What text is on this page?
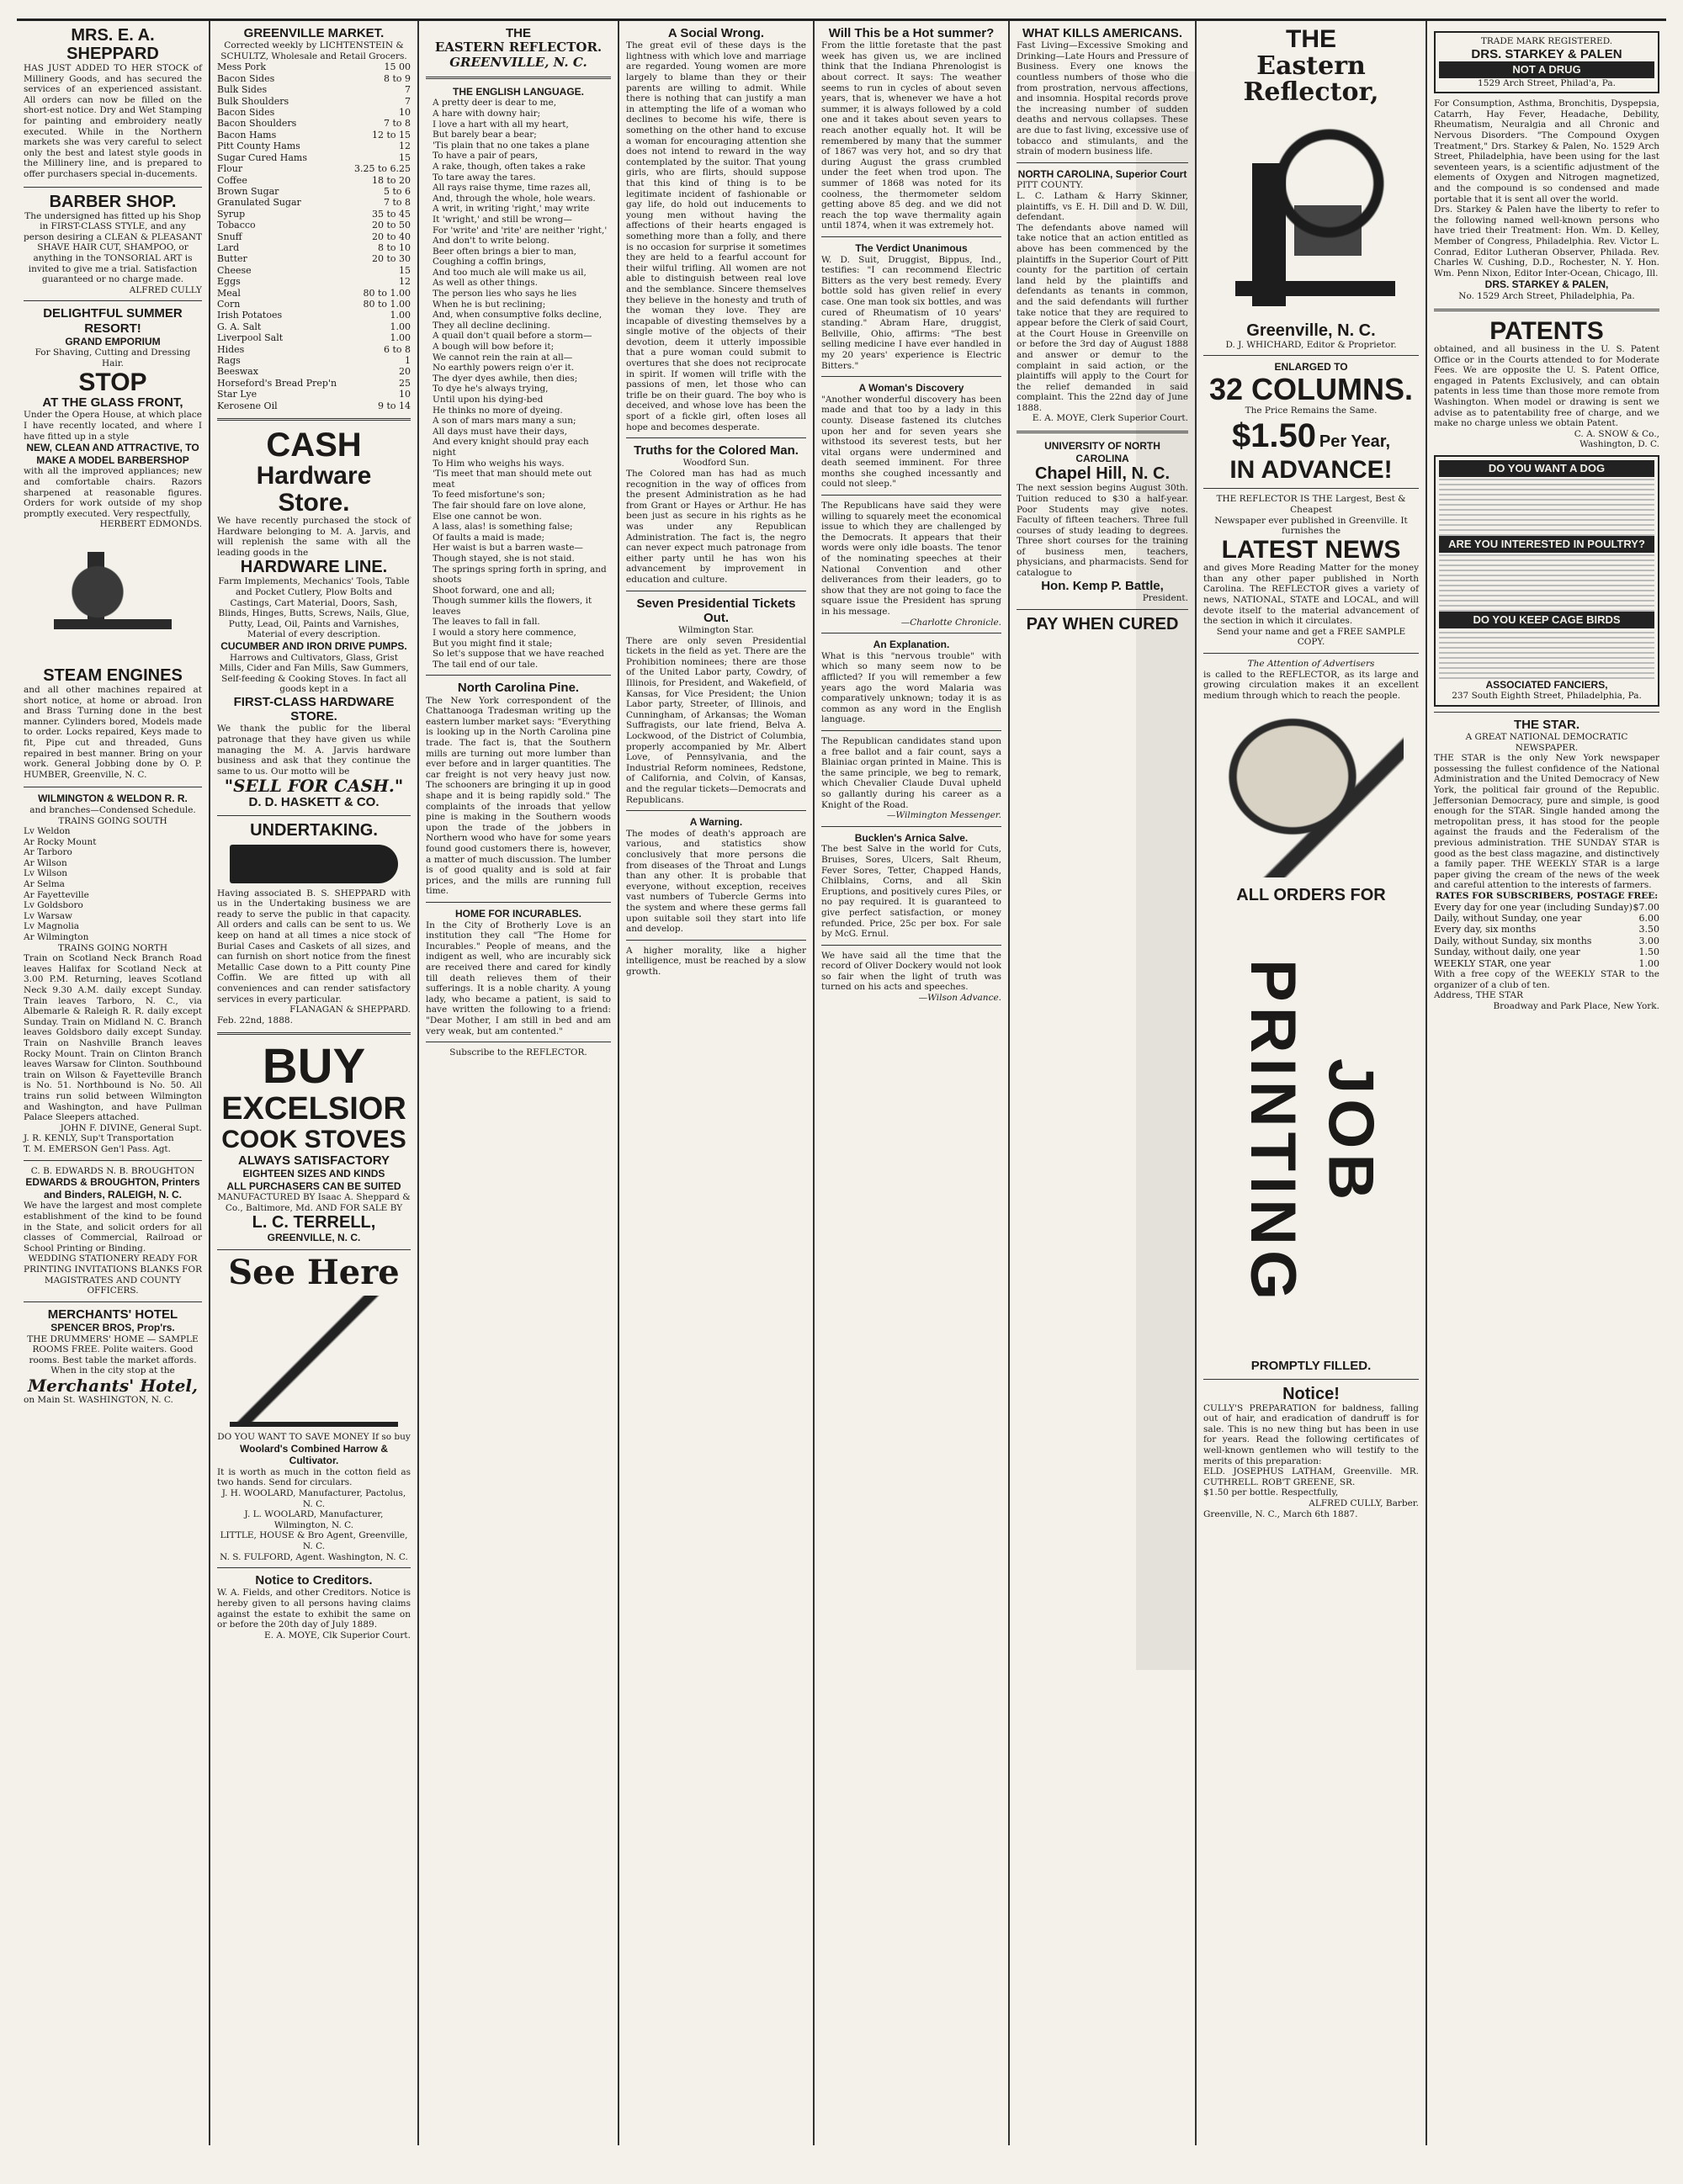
MRS. E. A. SHEPPARD
HAS JUST ADDED TO HER STOCK of Millinery Goods, and has secured the services of an experienced assistant. All orders can now be filled on the short-est notice. Dry and Wet Stamping for painting and embroidery neatly executed. While in the Northern markets she was very careful to select only the best and latest style goods in the Millinery line, and is prepared to offer purchasers special in-ducements.
BARBER SHOP.
The undersigned has fitted up his Shop in FIRST-CLASS STYLE, and any person desiring a CLEAN & PLEASANT SHAVE HAIR CUT, SHAMPOO, or anything in the TONSORIAL ART is invited to give me a trial. Satisfaction guaranteed or no charge made.
ALFRED CULLY
DELIGHTFUL SUMMER RESORT!
GRAND EMPORIUM
For Shaving, Cutting and Dressing Hair.
STOP
AT THE GLASS FRONT,
Under the Opera House, at which place I have recently located, and where I have fitted up in a style
NEW, CLEAN AND ATTRACTIVE, TO MAKE A MODEL BARBERSHOP
with all the improved appliances; new and comfortable chairs. Razors sharpened at reasonable figures. Orders for work outside of my shop promptly executed. Very respectfully,
HERBERT EDMONDS.
STEAM ENGINES
and all other machines repaired at short notice, at home or abroad. Iron and Brass Turning done in the best manner. Cylinders bored, Models made to order. Locks repaired, Keys made to fit, Pipe cut and threaded, Guns repaired in best manner. Bring on your work. General Jobbing done by O. P. HUMBER, Greenville, N. C.
WILMINGTON & WELDON R. R.
and branches—Condensed Schedule.
TRAINS GOING SOUTH
Lv Weldon
Ar Rocky Mount
Ar Tarboro
Ar Wilson
Lv Wilson
Ar Selma
Ar Fayetteville
Lv Goldsboro
Lv Warsaw
Lv Magnolia
Ar Wilmington
TRAINS GOING NORTH
Train on Scotland Neck Branch Road leaves Halifax for Scotland Neck at 3.00 P.M. Returning, leaves Scotland Neck 9.30 A.M. daily except Sunday. Train leaves Tarboro, N. C., via Albemarle & Raleigh R. R. daily except Sunday. Train on Midland N. C. Branch leaves Goldsboro daily except Sunday. Train on Nashville Branch leaves Rocky Mount. Train on Clinton Branch leaves Warsaw for Clinton. Southbound train on Wilson & Fayetteville Branch is No. 51. Northbound is No. 50. All trains run solid between Wilmington and Washington, and have Pullman Palace Sleepers attached.
JOHN F. DIVINE, General Supt.
J. R. KENLY, Sup't Transportation
T. M. EMERSON Gen'l Pass. Agt.
C. B. EDWARDS N. B. BROUGHTON
EDWARDS & BROUGHTON, Printers and Binders, RALEIGH, N. C.
We have the largest and most complete establishment of the kind to be found in the State, and solicit orders for all classes of Commercial, Railroad or School Printing or Binding.
WEDDING STATIONERY READY FOR PRINTING INVITATIONS BLANKS FOR MAGISTRATES AND COUNTY OFFICERS.
MERCHANTS' HOTEL
SPENCER BROS, Prop'rs.
THE DRUMMERS' HOME — SAMPLE ROOMS FREE. Polite waiters. Good rooms. Best table the market affords. When in the city stop at the
Merchants' Hotel,
on Main St. WASHINGTON, N. C.
GREENVILLE MARKET.
Corrected weekly by LICHTENSTEIN & SCHULTZ, Wholesale and Retail Grocers.
Mess Pork	15 00
Bacon Sides	8 to 9
Bulk Sides	7
Bulk Shoulders	7
Bacon Sides	10
Bacon Shoulders	7 to 8
Bacon Hams	12 to 15
Pitt County Hams	12
Sugar Cured Hams	15
Flour	3.25 to 6.25
Coffee	18 to 20
Brown Sugar	5 to 6
Granulated Sugar	7 to 8
Syrup	35 to 45
Tobacco	20 to 50
Snuff	20 to 40
Lard	8 to 10
Butter	20 to 30
Cheese	15
Eggs	12
Meal	80 to 1.00
Corn	80 to 1.00
Irish Potatoes	1.00
G. A. Salt	1.00
Liverpool Salt	1.00
Hides	6 to 8
Rags	1
Beeswax	20
Horseford's Bread Prep'n	25
Star Lye	10
Kerosene Oil	9 to 14
CASH
Hardware Store.
We have recently purchased the stock of Hardware belonging to M. A. Jarvis, and will replenish the same with all the leading goods in the
HARDWARE LINE.
Farm Implements, Mechanics' Tools, Table and Pocket Cutlery, Plow Bolts and Castings, Cart Material, Doors, Sash, Blinds, Hinges, Butts, Screws, Nails, Glue, Putty, Lead, Oil, Paints and Varnishes, Material of every description.
CUCUMBER AND IRON DRIVE PUMPS.
Harrows and Cultivators, Glass, Grist Mills, Cider and Fan Mills, Saw Gummers, Self-feeding & Cooking Stoves. In fact all goods kept in a
FIRST-CLASS HARDWARE STORE.
We thank the public for the liberal patronage that they have given us while managing the M. A. Jarvis hardware business and ask that they continue the same to us. Our motto will be
"SELL FOR CASH."
D. D. HASKETT & CO.
UNDERTAKING.
Having associated B. S. SHEPPARD with us in the Undertaking business we are ready to serve the public in that capacity. All orders and calls can be sent to us. We keep on hand at all times a nice stock of Burial Cases and Caskets of all sizes, and can furnish on short notice from the finest Metallic Case down to a Pitt county Pine Coffin. We are fitted up with all conveniences and can render satisfactory services in every particular.
FLANAGAN & SHEPPARD.
Feb. 22nd, 1888.
BUY
EXCELSIOR
COOK STOVES
ALWAYS SATISFACTORY
EIGHTEEN SIZES AND KINDS
ALL PURCHASERS CAN BE SUITED
MANUFACTURED BY Isaac A. Sheppard & Co., Baltimore, Md. AND FOR SALE BY
L. C. TERRELL,
GREENVILLE, N. C.
See Here
DO YOU WANT TO SAVE MONEY If so buy
Woolard's Combined Harrow & Cultivator.
It is worth as much in the cotton field as two hands. Send for circulars.
J. H. WOOLARD, Manufacturer, Pactolus, N. C.
J. L. WOOLARD, Manufacturer, Wilmington, N. C.
LITTLE, HOUSE & Bro Agent, Greenville, N. C.
N. S. FULFORD, Agent. Washington, N. C.
Notice to Creditors.
W. A. Fields, and other Creditors. Notice is hereby given to all persons having claims against the estate to exhibit the same on or before the 20th day of July 1889.
E. A. MOYE, Clk Superior Court.
THE
EASTERN REFLECTOR.
GREENVILLE, N. C.
THE ENGLISH LANGUAGE.
A pretty deer is dear to me,
A hare with downy hair;
I love a hart with all my heart,
But barely bear a bear;
'Tis plain that no one takes a plane
To have a pair of pears,
A rake, though, often takes a rake
To tare away the tares.
All rays raise thyme, time razes all,
And, through the whole, hole wears.
A writ, in writing 'right,' may write
It 'wright,' and still be wrong—
For 'write' and 'rite' are neither 'right,'
And don't to write belong.
Beer often brings a bier to man,
Coughing a coffin brings,
And too much ale will make us ail,
As well as other things.
The person lies who says he lies
When he is but reclining;
And, when consumptive folks decline,
They all decline declining.
A quail don't quail before a storm—
A bough will bow before it;
We cannot rein the rain at all—
No earthly powers reign o'er it.
The dyer dyes awhile, then dies;
To dye he's always trying,
Until upon his dying-bed
He thinks no more of dyeing.
A son of mars mars many a sun;
All days must have their days,
And every knight should pray each night
To Him who weighs his ways.
'Tis meet that man should mete out meat
To feed misfortune's son;
The fair should fare on love alone,
Else one cannot be won.
A lass, alas! is something false;
Of faults a maid is made;
Her waist is but a barren waste—
Though stayed, she is not staid.
The springs spring forth in spring, and shoots
Shoot forward, one and all;
Though summer kills the flowers, it leaves
The leaves to fall in fall.
I would a story here commence,
But you might find it stale;
So let's suppose that we have reached
The tail end of our tale.
North Carolina Pine.
The New York correspondent of the Chattanooga Tradesman writing up the eastern lumber market says: "Everything is looking up in the North Carolina pine trade. The fact is, that the Southern mills are turning out more lumber than ever before and in larger quantities. The car freight is not very heavy just now. The schooners are bringing it up in good shape and it is being rapidly sold." The complaints of the inroads that yellow pine is making in the Southern woods upon the trade of the jobbers in Northern wood who have for some years found good customers there is, however, a matter of much discussion. The lumber is of good quality and is sold at fair prices, and the mills are running full time.
HOME FOR INCURABLES.
In the City of Brotherly Love is an institution they call "The Home for Incurables." People of means, and the indigent as well, who are incurably sick are received there and cared for kindly till death relieves them of their sufferings. It is a noble charity. A young lady, who became a patient, is said to have written the following to a friend: "Dear Mother, I am still in bed and am very weak, but am contented."
Subscribe to the REFLECTOR.
A Social Wrong.
The great evil of these days is the lightness with which love and marriage are regarded. Young women are more largely to blame than they or their parents are willing to admit. While there is nothing that can justify a man in attempting the life of a woman who declines to become his wife, there is something on the other hand to excuse a woman for encouraging attention she does not intend to reward in the way contemplated by the suitor. That young girls, who are flirts, should suppose that this kind of thing is to be legitimate incident of fashionable or gay life, do hold out inducements to young men without having the affections of their hearts engaged is something more than a folly, and there is no occasion for surprise it sometimes they are held to a fearful account for their wilful trifling. All women are not able to distinguish between real love and the semblance. Sincere themselves they believe in the honesty and truth of the woman they love. They are incapable of divesting themselves by a single motive of the objects of their devotion, deem it utterly impossible that a pure woman could submit to overtures that she does not reciprocate in spirit. If women will trifle with the passions of men, let those who can trifle be on their guard. The boy who is deceived, and whose love has been the sport of a fickle girl, often loses all hope and becomes desperate.
Truths for the Colored Man.
Woodford Sun.
The Colored man has had as much recognition in the way of offices from the present Administration as he had from Grant or Hayes or Arthur. He has been just as secure in his rights as he was under any Republican Administration. The fact is, the negro can never expect much patronage from either party until he has won his advancement by improvement in education and culture.
Seven Presidential Tickets Out.
Wilmington Star.
There are only seven Presidential tickets in the field as yet. There are the Prohibition nominees; there are those of the United Labor party, Cowdry, of Illinois, for President, and Wakefield, of Kansas, for Vice President; the Union Labor party, Streeter, of Illinois, and Cunningham, of Arkansas; the Woman Suffragists, our late friend, Belva A. Lockwood, of the District of Columbia, properly accompanied by Mr. Albert Love, of Pennsylvania, and the Industrial Reform nominees, Redstone, of California, and Colvin, of Kansas, and the regular tickets—Democrats and Republicans.
A Warning.
The modes of death's approach are various, and statistics show conclusively that more persons die from diseases of the Throat and Lungs than any other. It is probable that everyone, without exception, receives vast numbers of Tubercle Germs into the system and where these germs fall upon suitable soil they start into life and develop.
A higher morality, like a higher intelligence, must be reached by a slow growth.
Will This be a Hot summer?
From the little foretaste that the past week has given us, we are inclined think that the Indiana Phrenologist is about correct. It says: The weather seems to run in cycles of about seven years, that is, whenever we have a hot summer, it is always followed by a cold one and it takes about seven years to reach another equally hot. It will be remembered by many that the summer of 1867 was very hot, and so dry that during August the grass crumbled under the feet when trod upon. The summer of 1868 was noted for its coolness, the thermometer seldom getting above 85 deg. and we did not reach the top wave thermality again until 1874, when it was extremely hot.
The Verdict Unanimous
W. D. Suit, Druggist, Bippus, Ind., testifies: "I can recommend Electric Bitters as the very best remedy. Every bottle sold has given relief in every case. One man took six bottles, and was cured of Rheumatism of 10 years' standing." Abram Hare, druggist, Bellville, Ohio, affirms: "The best selling medicine I have ever handled in my 20 years' experience is Electric Bitters."
A Woman's Discovery
"Another wonderful discovery has been made and that too by a lady in this county. Disease fastened its clutches upon her and for seven years she withstood its severest tests, but her vital organs were undermined and death seemed imminent. For three months she coughed incessantly and could not sleep."
The Republicans have said they were willing to squarely meet the economical issue to which they are challenged by the Democrats. It appears that their words were only idle boasts. The tenor of the nominating speeches at their National Convention and other deliverances from their leaders, go to show that they are not going to face the square issue the President has sprung in his message.
—Charlotte Chronicle.
An Explanation.
What is this "nervous trouble" with which so many seem now to be afflicted? If you will remember a few years ago the word Malaria was comparatively unknown; today it is as common as any word in the English language.
The Republican candidates stand upon a free ballot and a fair count, says a Blainiac organ printed in Maine. This is the same principle, we beg to remark, which Chevalier Claude Duval upheld so gallantly during his career as a Knight of the Road.
—Wilmington Messenger.
Bucklen's Arnica Salve.
The best Salve in the world for Cuts, Bruises, Sores, Ulcers, Salt Rheum, Fever Sores, Tetter, Chapped Hands, Chilblains, Corns, and all Skin Eruptions, and positively cures Piles, or no pay required. It is guaranteed to give perfect satisfaction, or money refunded. Price, 25c per box. For sale by McG. Ernul.
We have said all the time that the record of Oliver Dockery would not look so fair when the light of truth was turned on his acts and speeches.
—Wilson Advance.
WHAT KILLS AMERICANS.
Fast Living—Excessive Smoking and Drinking—Late Hours and Pressure of Business. Every one knows the countless numbers of those who die from prostration, nervous affections, and insomnia. Hospital records prove the increasing number of sudden deaths and nervous collapses. These are due to fast living, excessive use of tobacco and stimulants, and the strain of modern business life.
NORTH CAROLINA, Superior Court
PITT COUNTY.
L. C. Latham & Harry Skinner, plaintiffs, vs E. H. Dill and D. W. Dill, defendant.
The defendants above named will take notice that an action entitled as above has been commenced by the plaintiffs in the Superior Court of Pitt county for the partition of certain land held by the plaintiffs and defendants as tenants in common, and the said defendants will further take notice that they are required to appear before the Clerk of said Court, at the Court House in Greenville on or before the 3rd day of August 1888 and answer or demur to the complaint in said action, or the plaintiffs will apply to the Court for the relief demanded in said complaint. This the 22nd day of June 1888.
E. A. MOYE, Clerk Superior Court.
UNIVERSITY OF NORTH CAROLINA
Chapel Hill, N. C.
The next session begins August 30th. Tuition reduced to $30 a half-year. Poor Students may give notes. Faculty of fifteen teachers. Three full courses of study leading to degrees. Three short courses for the training of business men, teachers, physicians, and pharmacists. Send for catalogue to
Hon. Kemp P. Battle,
President.
PAY WHEN CURED
THE
Eastern Reflector,
Greenville, N. C.
D. J. WHICHARD, Editor & Proprietor.
ENLARGED TO
32 COLUMNS.
The Price Remains the Same.
$1.50 Per Year,
IN ADVANCE!
THE REFLECTOR IS THE Largest, Best & Cheapest
Newspaper ever published in Greenville. It furnishes the
LATEST NEWS
and gives More Reading Matter for the money than any other paper published in North Carolina. The REFLECTOR gives a variety of news, NATIONAL, STATE and LOCAL, and will devote itself to the material advancement of the section in which it circulates.
Send your name and get a FREE SAMPLE COPY.
The Attention of Advertisers
is called to the REFLECTOR, as its large and growing circulation makes it an excellent medium through which to reach the people.
ALL ORDERS FOR
JOB PRINTING
PROMPTLY FILLED.
Notice!
CULLY'S PREPARATION for baldness, falling out of hair, and eradication of dandruff is for sale. This is no new thing but has been in use for years. Read the following certificates of well-known gentlemen who will testify to the merits of this preparation:
ELD. JOSEPHUS LATHAM, Greenville. MR. CUTHRELL. ROB'T GREENE, SR.
$1.50 per bottle. Respectfully,
ALFRED CULLY, Barber.
Greenville, N. C., March 6th 1887.
TRADE MARK REGISTERED.
DRS. STARKEY & PALEN
NOT A DRUG
1529 Arch Street, Philad'a, Pa.
For Consumption, Asthma, Bronchitis, Dyspepsia, Catarrh, Hay Fever, Headache, Debility, Rheumatism, Neuralgia and all Chronic and Nervous Disorders. "The Compound Oxygen Treatment," Drs. Starkey & Palen, No. 1529 Arch Street, Philadelphia, have been using for the last seventeen years, is a scientific adjustment of the elements of Oxygen and Nitrogen magnetized, and the compound is so condensed and made portable that it is sent all over the world.
Drs. Starkey & Palen have the liberty to refer to the following named well-known persons who have tried their Treatment: Hon. Wm. D. Kelley, Member of Congress, Philadelphia. Rev. Victor L. Conrad, Editor Lutheran Observer, Philada. Rev. Charles W. Cushing, D.D., Rochester, N. Y. Hon. Wm. Penn Nixon, Editor Inter-Ocean, Chicago, Ill.
DRS. STARKEY & PALEN,
No. 1529 Arch Street, Philadelphia, Pa.
PATENTS
obtained, and all business in the U. S. Patent Office or in the Courts attended to for Moderate Fees. We are opposite the U. S. Patent Office, engaged in Patents Exclusively, and can obtain patents in less time than those more remote from Washington. When model or drawing is sent we advise as to patentability free of charge, and we make no charge unless we obtain Patent.
C. A. SNOW & Co.,
Washington, D. C.
DO YOU WANT A DOG
ARE YOU INTERESTED IN POULTRY?
DO YOU KEEP CAGE BIRDS
ASSOCIATED FANCIERS,
237 South Eighth Street, Philadelphia, Pa.
THE STAR.
A GREAT NATIONAL DEMOCRATIC NEWSPAPER.
THE STAR is the only New York newspaper possessing the fullest confidence of the National Administration and the United Democracy of New York, the political fair ground of the Republic. Jeffersonian Democracy, pure and simple, is good enough for the STAR. Single handed among the metropolitan press, it has stood for the people against the frauds and the Federalism of the previous administration. THE SUNDAY STAR is good as the best class magazine, and distinctively a family paper. THE WEEKLY STAR is a large paper giving the cream of the news of the week and careful attention to the interests of farmers.
RATES FOR SUBSCRIBERS, POSTAGE FREE:
Every day for one year (including Sunday)	$7.00
Daily, without Sunday, one year	6.00
Every day, six months	3.50
Daily, without Sunday, six months	3.00
Sunday, without daily, one year	1.50
WEEKLY STAR, one year	1.00
With a free copy of the WEEKLY STAR to the organizer of a club of ten.
Address, THE STAR
Broadway and Park Place, New York.
